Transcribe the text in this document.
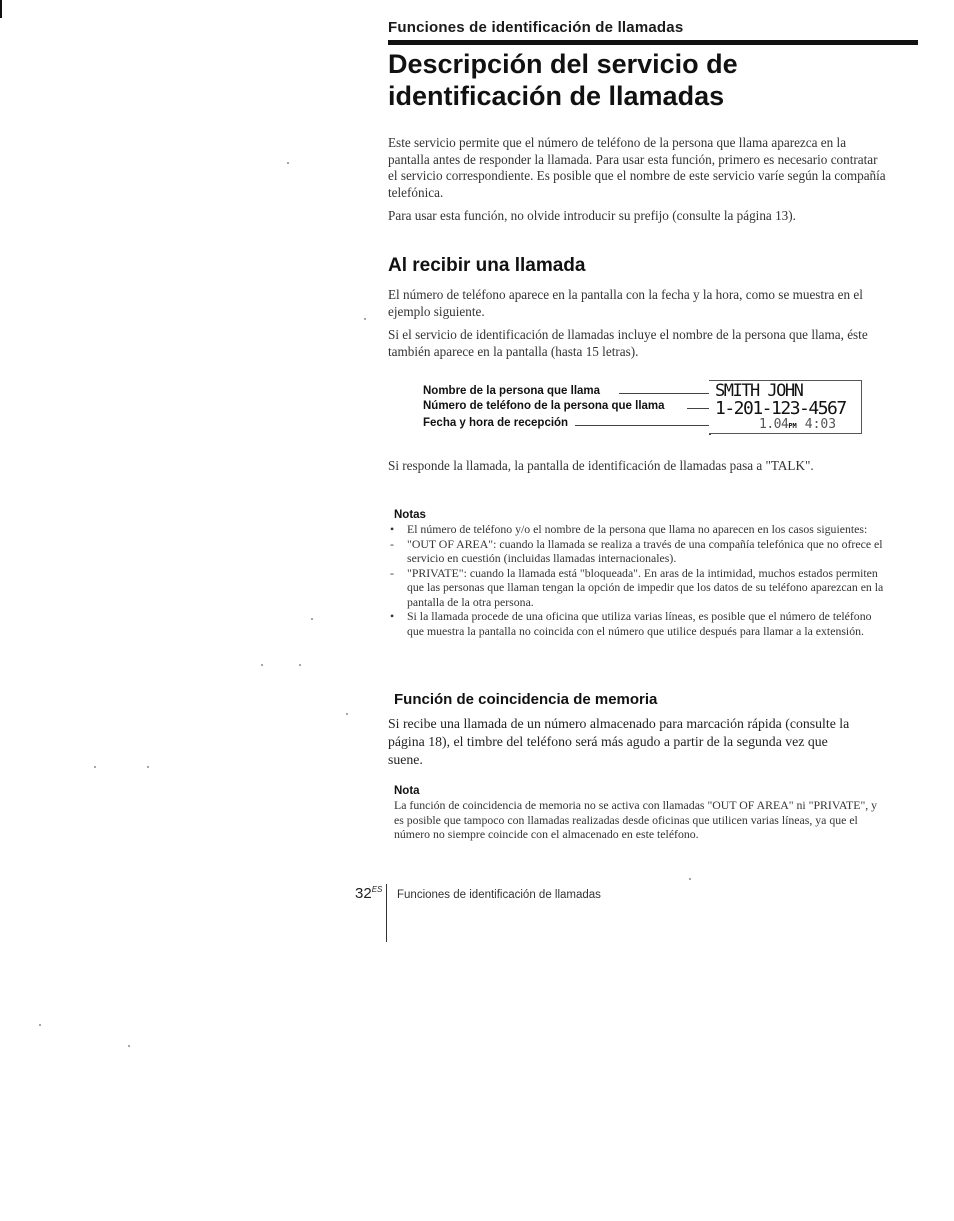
Funciones de identificación de llamadas
Descripción del servicio de
identificación de llamadas
Este servicio permite que el número de teléfono de la persona que llama aparezca en la pantalla antes de responder la llamada. Para usar esta función, primero es necesario contratar el servicio correspondiente. Es posible que el nombre de este servicio varíe según la compañía telefónica.
Para usar esta función, no olvide introducir su prefijo (consulte la página 13).
Al recibir una llamada
El número de teléfono aparece en la pantalla con la fecha y la hora, como se muestra en el ejemplo siguiente.
Si el servicio de identificación de llamadas incluye el nombre de la persona que llama, éste también aparece en la pantalla (hasta 15 letras).
Nombre de la persona que llama
Número de teléfono de la persona que llama
Fecha y hora de recepción
SMITH JOHN
1-201-123-4567
1.04PM 4:03
Si responde la llamada, la pantalla de identificación de llamadas pasa a "TALK".
Notas

• El número de teléfono y/o el nombre de la persona que llama no aparecen en los casos siguientes:

- "OUT OF AREA": cuando la llamada se realiza a través de una compañía telefónica que no ofrece el servicio en cuestión (incluidas llamadas internacionales).

- "PRIVATE": cuando la llamada está "bloqueada". En aras de la intimidad, muchos estados permiten que las personas que llaman tengan la opción de impedir que los datos de su teléfono aparezcan en la pantalla de la otra persona.

• Si la llamada procede de una oficina que utiliza varias líneas, es posible que el número de teléfono que muestra la pantalla no coincida con el número que utilice después para llamar a la extensión.

Función de coincidencia de memoria
Si recibe una llamada de un número almacenado para marcación rápida (consulte la página 18), el timbre del teléfono será más agudo a partir de la segunda vez que suene.
Nota
La función de coincidencia de memoria no se activa con llamadas "OUT OF AREA" ni "PRIVATE", y es posible que tampoco con llamadas realizadas desde oficinas que utilicen varias líneas, ya que el número no siempre coincide con el almacenado en este teléfono.
$32^{ES}$ Funciones de identificación de llamadas
